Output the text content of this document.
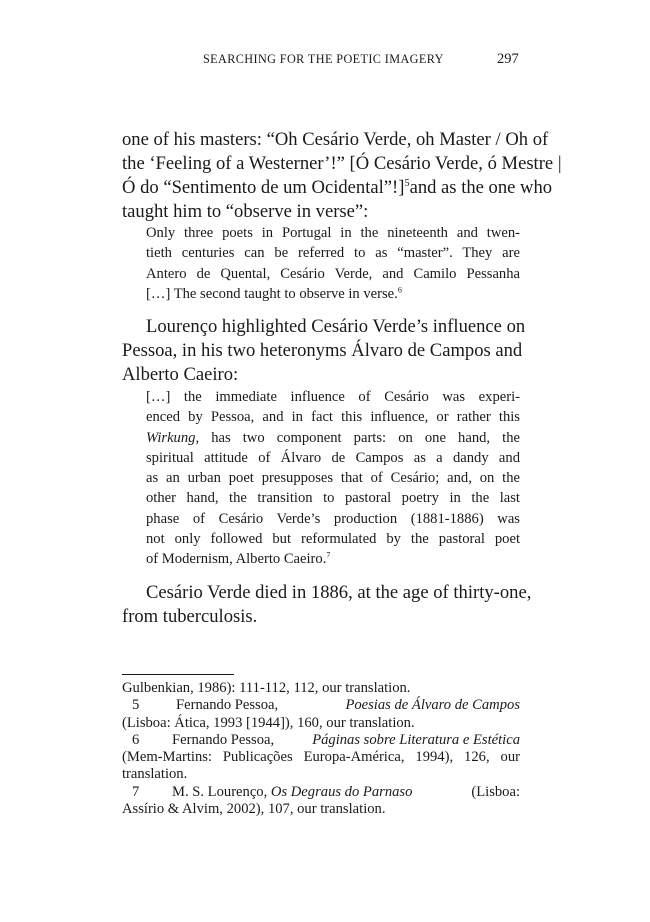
SEARCHING FOR THE POETIC IMAGERY	297
one of his masters: “Oh Cesário Verde, oh Master / Oh of
the ‘Feeling of a Westerner’!” [Ó Cesário Verde, ó Mestre |
Ó do “Sentimento de um Ocidental”!]$^5$ and as the one who
taught him to “observe in verse”:
Only three poets in Portugal in the nineteenth and twen-
tieth centuries can be referred to as “master”. They are
Antero de Quental, Cesário Verde, and Camilo Pessanha
[…] The second taught to observe in verse.$^6$
Lourenço highlighted Cesário Verde’s influence on
Pessoa, in his two heteronyms Álvaro de Campos and
Alberto Caeiro:
[…] the immediate influence of Cesário was experi-
enced by Pessoa, and in fact this influence, or rather this
Wirkung, has two component parts: on one hand, the
spiritual attitude of Álvaro de Campos as a dandy and
as an urban poet presupposes that of Cesário; and, on the
other hand, the transition to pastoral poetry in the last
phase of Cesário Verde’s production (1881-1886) was
not only followed but reformulated by the pastoral poet
of Modernism, Alberto Caeiro.$^7$
Cesário Verde died in 1886, at the age of thirty-one,
from tuberculosis.
Gulbenkian, 1986): 111-112, 112, our translation.
5	Fernando Pessoa,	Poesias de Álvaro de Campos
(Lisboa: Ática, 1993 [1944]), 160, our translation.
6 Fernando Pessoa,	Páginas sobre Literatura e Estética
(Mem-Martins: Publicações Europa-América, 1994), 126, our
translation.
7 M. S. Lourenço, Os Degraus do Parnaso	(Lisboa:
Assírio & Alvim, 2002), 107, our translation.
